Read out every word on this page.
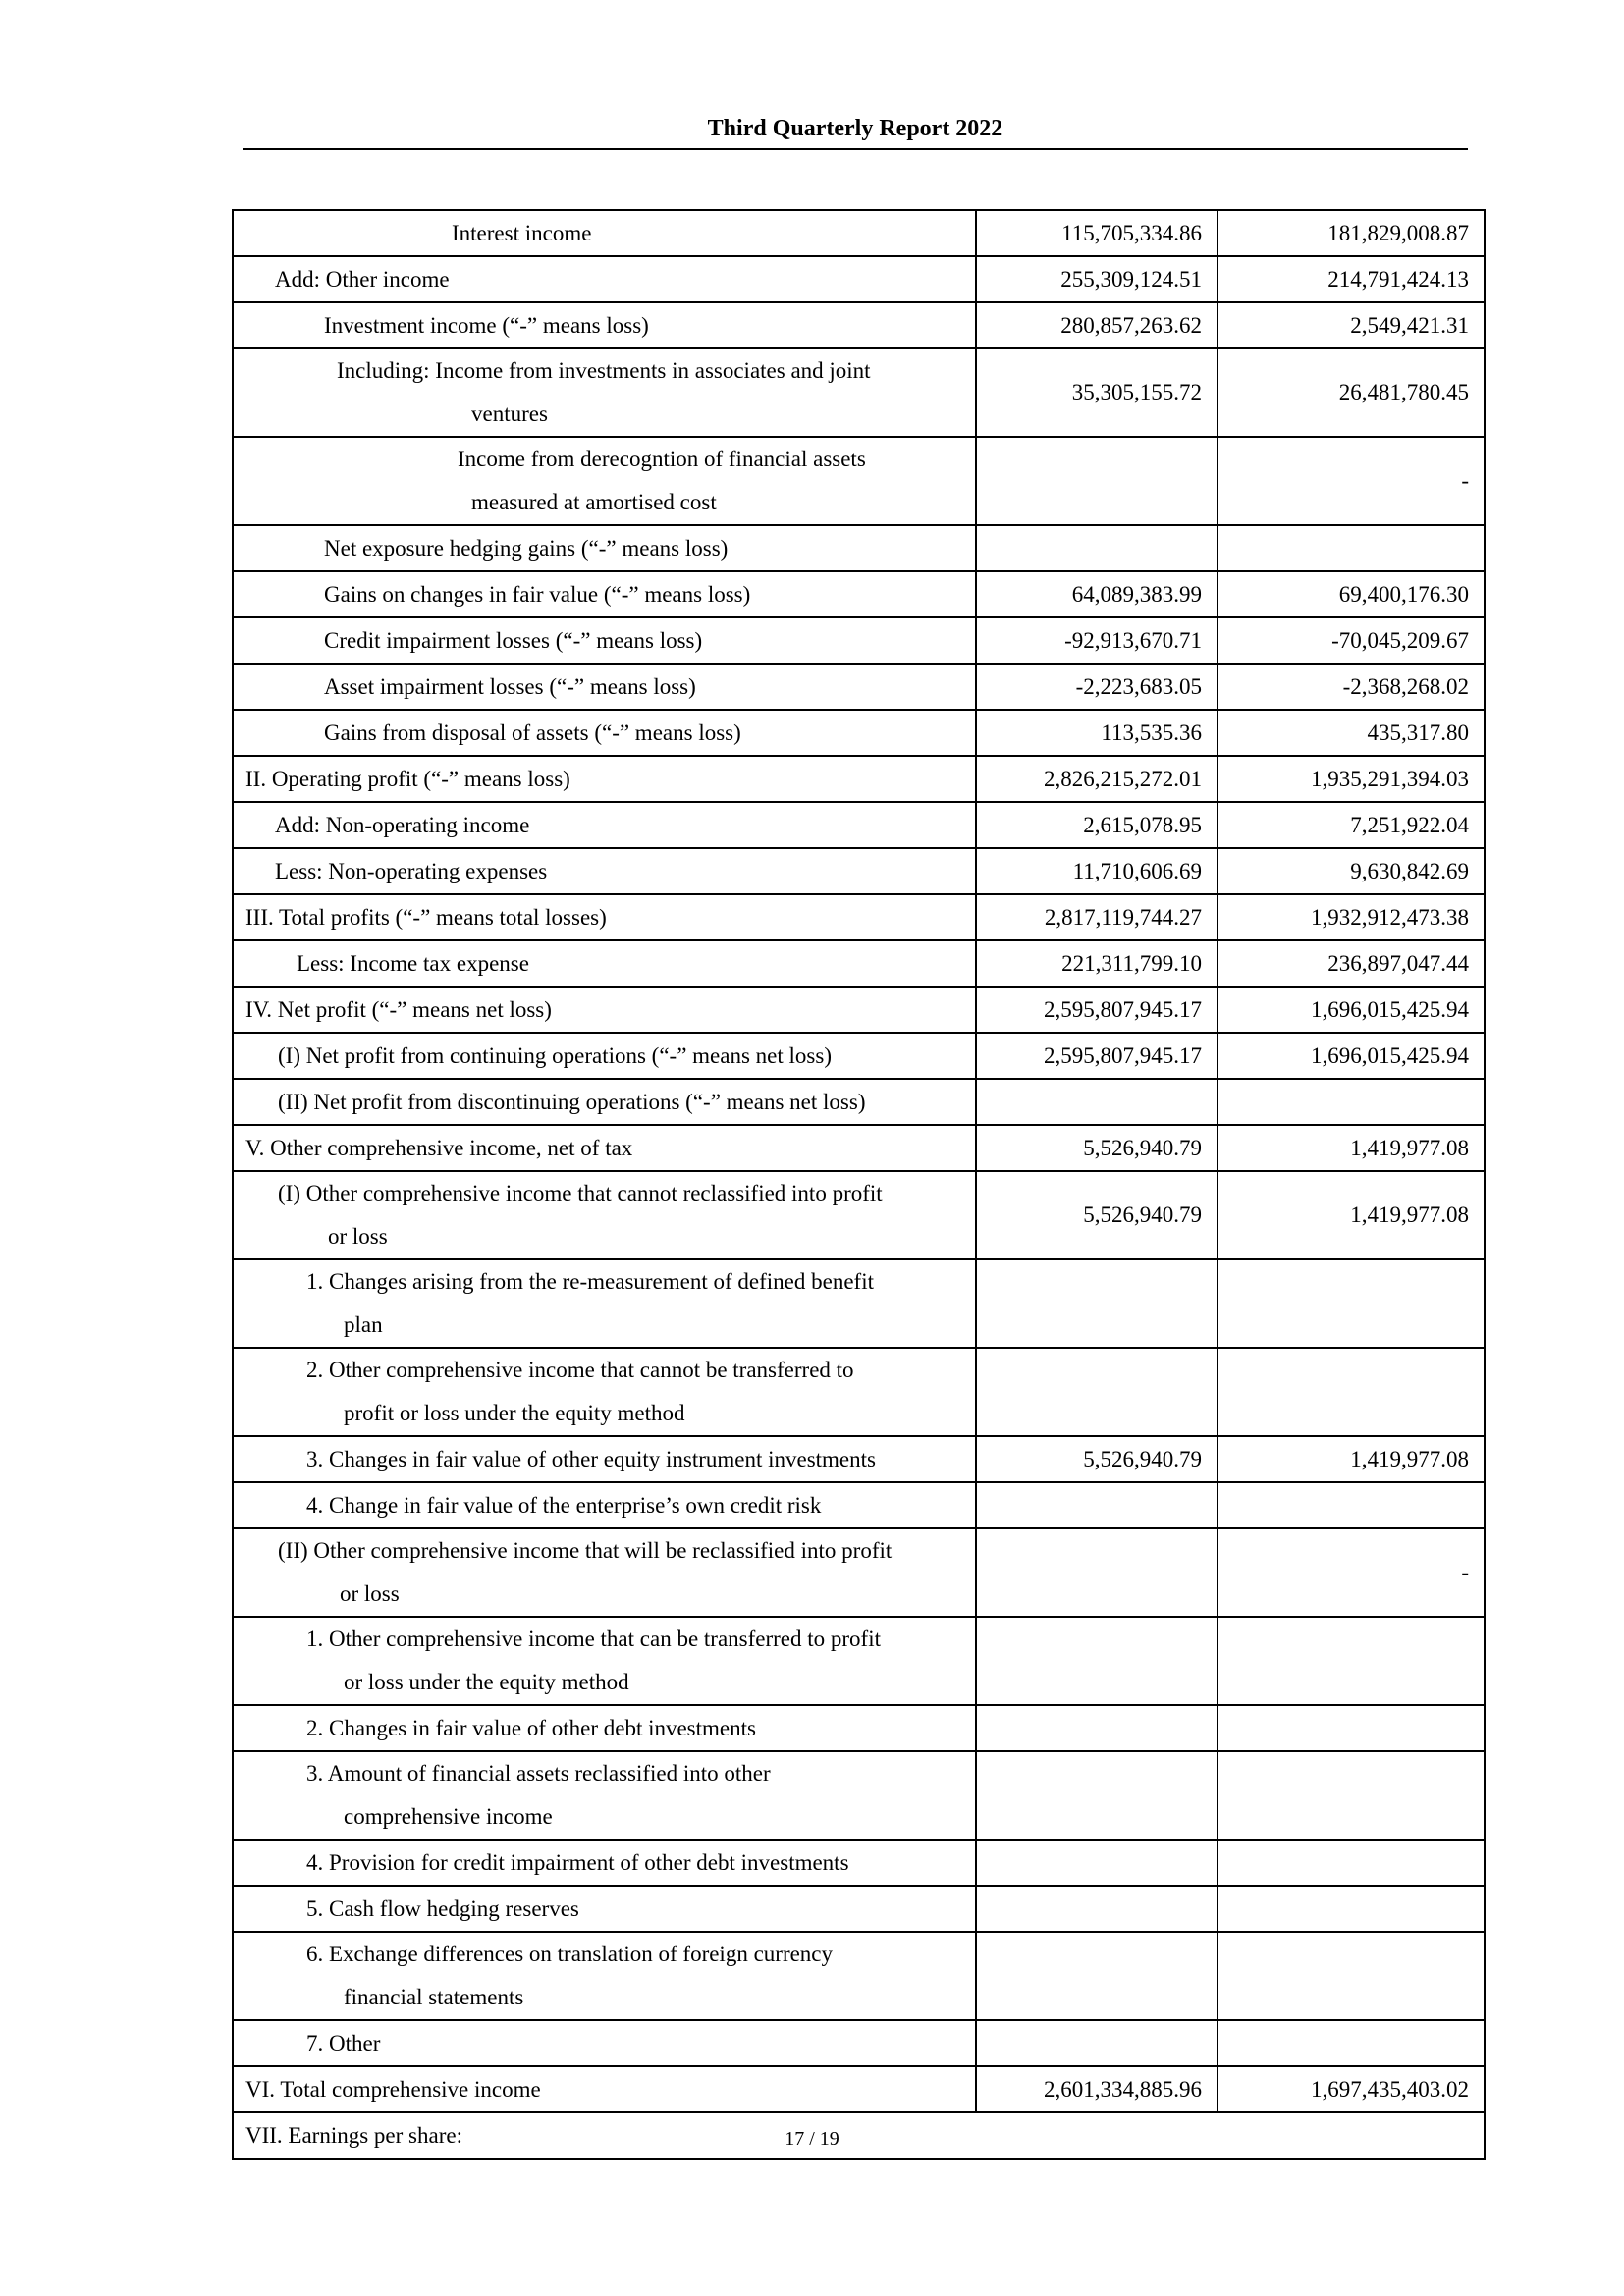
Third Quarterly Report 2022
Interest income	115,705,334.86	181,829,008.87

Add: Other income	255,309,124.51	214,791,424.13

Investment income (“-” means loss)	280,857,263.62	2,549,421.31

Including: Income from investments in associates and joint
ventures	35,305,155.72	26,481,780.45

Income from derecogntion of financial assets
measured at amortised cost		-

Net exposure hedging gains (“-” means loss)		

Gains on changes in fair value (“-” means loss)	64,089,383.99	69,400,176.30

Credit impairment losses (“-” means loss)	-92,913,670.71	-70,045,209.67

Asset impairment losses (“-” means loss)	-2,223,683.05	-2,368,268.02

Gains from disposal of assets (“-” means loss)	113,535.36	435,317.80

II. Operating profit (“-” means loss)	2,826,215,272.01	1,935,291,394.03

Add: Non-operating income	2,615,078.95	7,251,922.04

Less: Non-operating expenses	11,710,606.69	9,630,842.69

III. Total profits (“-” means total losses)	2,817,119,744.27	1,932,912,473.38

Less: Income tax expense	221,311,799.10	236,897,047.44

IV. Net profit (“-” means net loss)	2,595,807,945.17	1,696,015,425.94

(I) Net profit from continuing operations (“-” means net loss)	2,595,807,945.17	1,696,015,425.94

(II) Net profit from discontinuing operations (“-” means net loss)		

V. Other comprehensive income, net of tax	5,526,940.79	1,419,977.08

(I) Other comprehensive income that cannot reclassified into profit
or loss	5,526,940.79	1,419,977.08

1. Changes arising from the re-measurement of defined benefit
plan		

2. Other comprehensive income that cannot be transferred to
profit or loss under the equity method		

3. Changes in fair value of other equity instrument investments	5,526,940.79	1,419,977.08

4. Change in fair value of the enterprise’s own credit risk		

(II) Other comprehensive income that will be reclassified into profit
or loss		-

1. Other comprehensive income that can be transferred to profit
or loss under the equity method		

2. Changes in fair value of other debt investments		

3. Amount of financial assets reclassified into other
comprehensive income		

4. Provision for credit impairment of other debt investments		

5. Cash flow hedging reserves		

6. Exchange differences on translation of foreign currency
financial statements		

7. Other		

VI. Total comprehensive income	2,601,334,885.96	1,697,435,403.02

VII. Earnings per share:			17 / 19
